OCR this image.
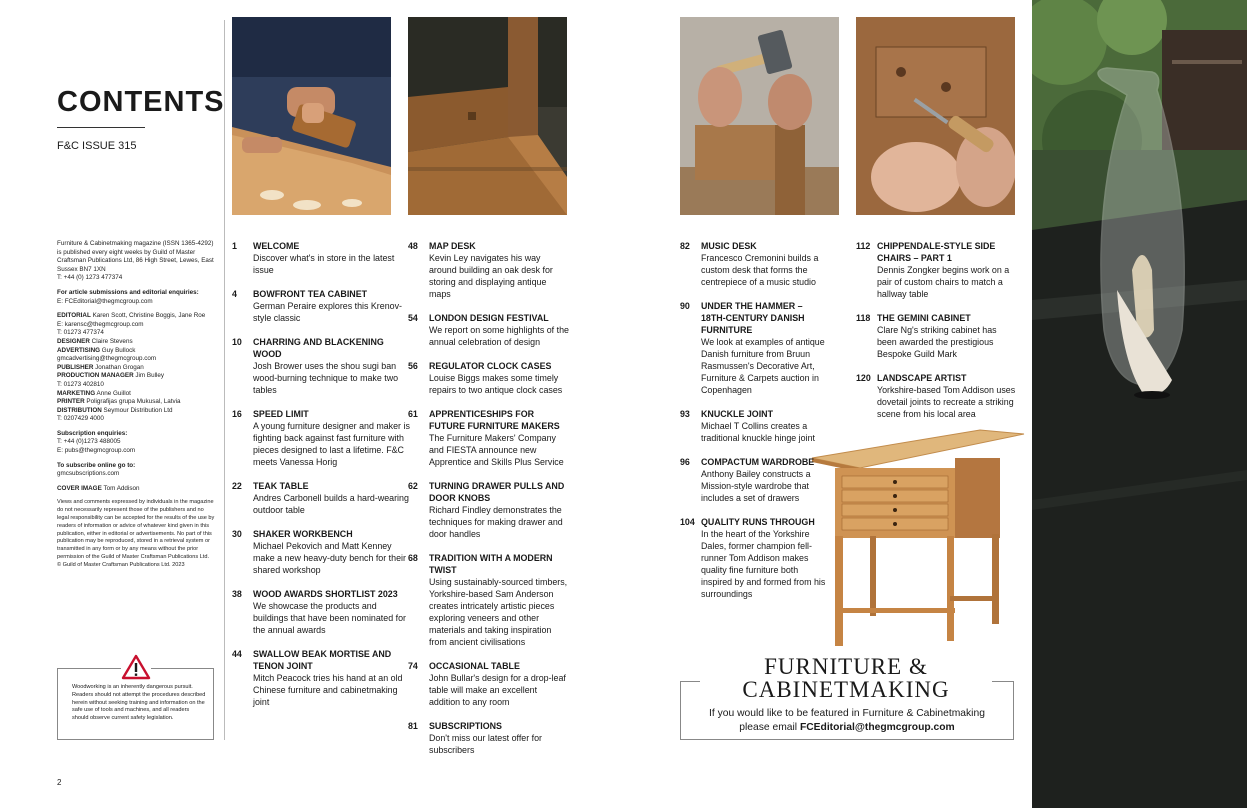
CONTENTS
F&C ISSUE 315

Furniture & Cabinetmaking magazine (ISSN 1365-4292) is published every eight weeks by Guild of Master Craftsman Publications Ltd, 86 High Street, Lewes, East Sussex BN7 1XN
T: +44 (0) 1273 477374

For article submissions and editorial enquiries:
E: FCEditorial@thegmcgroup.com

EDITORIAL Karen Scott, Christine Boggis, Jane Roe
E: karensc@thegmcgroup.com
T: 01273 477374
DESIGNER Claire Stevens
ADVERTISING Guy Bullock
gmcadvertising@thegmcgroup.com
PUBLISHER Jonathan Grogan
PRODUCTION MANAGER Jim Bulley
T: 01273 402810
MARKETING Anne Guillot
PRINTER Poligrafijas grupa Mukusal, Latvia
DISTRIBUTION Seymour Distribution Ltd
T: 0207429 4000

Subscription enquiries:
T: +44 (0)1273 488005
E: pubs@thegmcgroup.com

To subscribe online go to:
gmcsubscriptions.com

COVER IMAGE Tom Addison

Views and comments expressed by individuals in the magazine do not necessarily represent those of the publishers and no legal responsibility can be accepted for the results of the use by readers of information or advice of whatever kind given in this publication, either in editorial or advertisements. No part of this publication may be reproduced, stored in a retrieval system or transmitted in any form or by any means without the prior permission of the Guild of Master Craftsman Publications Ltd.
© Guild of Master Craftsman Publications Ltd. 2023

Woodworking is an inherently dangerous pursuit. Readers should not attempt the procedures described herein without seeking training and information on the safe use of tools and machines, and all readers should observe current safety legislation.
2
1 WELCOME
Discover what's in store in the latest issue
4 BOWFRONT TEA CABINET
German Peraire explores this Krenov-style classic
10 CHARRING AND BLACKENING WOOD
Josh Brower uses the shou sugi ban wood-burning technique to make two tables
16 SPEED LIMIT
A young furniture designer and maker is fighting back against fast furniture with pieces designed to last a lifetime. F&C meets Vanessa Horig
22 TEAK TABLE
Andres Carbonell builds a hard-wearing outdoor table
30 SHAKER WORKBENCH
Michael Pekovich and Matt Kenney make a new heavy-duty bench for their shared workshop
38 WOOD AWARDS SHORTLIST 2023
We showcase the products and buildings that have been nominated for the annual awards
44 SWALLOW BEAK MORTISE AND TENON JOINT
Mitch Peacock tries his hand at an old Chinese furniture and cabinetmaking joint
48 MAP DESK
Kevin Ley navigates his way around building an oak desk for storing and displaying antique maps
54 LONDON DESIGN FESTIVAL
We report on some highlights of the annual celebration of design
56 REGULATOR CLOCK CASES
Louise Biggs makes some timely repairs to two antique clock cases
61 APPRENTICESHIPS FOR FUTURE FURNITURE MAKERS
The Furniture Makers' Company and FIESTA announce new Apprentice and Skills Plus Service
62 TURNING DRAWER PULLS AND DOOR KNOBS
Richard Findley demonstrates the techniques for making drawer and door handles
68 TRADITION WITH A MODERN TWIST
Using sustainably-sourced timbers, Yorkshire-based Sam Anderson creates intricately artistic pieces exploring veneers and other materials and taking inspiration from ancient civilisations
74 OCCASIONAL TABLE
John Bullar's design for a drop-leaf table will make an excellent addition to any room
81 SUBSCRIPTIONS
Don't miss our latest offer for subscribers
82 MUSIC DESK
Francesco Cremonini builds a custom desk that forms the centrepiece of a music studio
90 UNDER THE HAMMER – 18TH-CENTURY DANISH FURNITURE
We look at examples of antique Danish furniture from Bruun Rasmussen's Decorative Art, Furniture & Carpets auction in Copenhagen
93 KNUCKLE JOINT
Michael T Collins creates a traditional knuckle hinge joint
96 COMPACTUM WARDROBE
Anthony Bailey constructs a Mission-style wardrobe that includes a set of drawers
104 QUALITY RUNS THROUGH
In the heart of the Yorkshire Dales, former champion fell-runner Tom Addison makes quality fine furniture both inspired by and formed from his surroundings
112 CHIPPENDALE-STYLE SIDE CHAIRS – PART 1
Dennis Zongker begins work on a pair of custom chairs to match a hallway table
118 THE GEMINI CABINET
Clare Ng's striking cabinet has been awarded the prestigious Bespoke Guild Mark
120 LANDSCAPE ARTIST
Yorkshire-based Tom Addison uses dovetail joints to recreate a striking scene from his local area
FURNITURE &
CABINETMAKING
If you would like to be featured in Furniture & Cabinetmaking
please email FCEditorial@thegmcgroup.com
